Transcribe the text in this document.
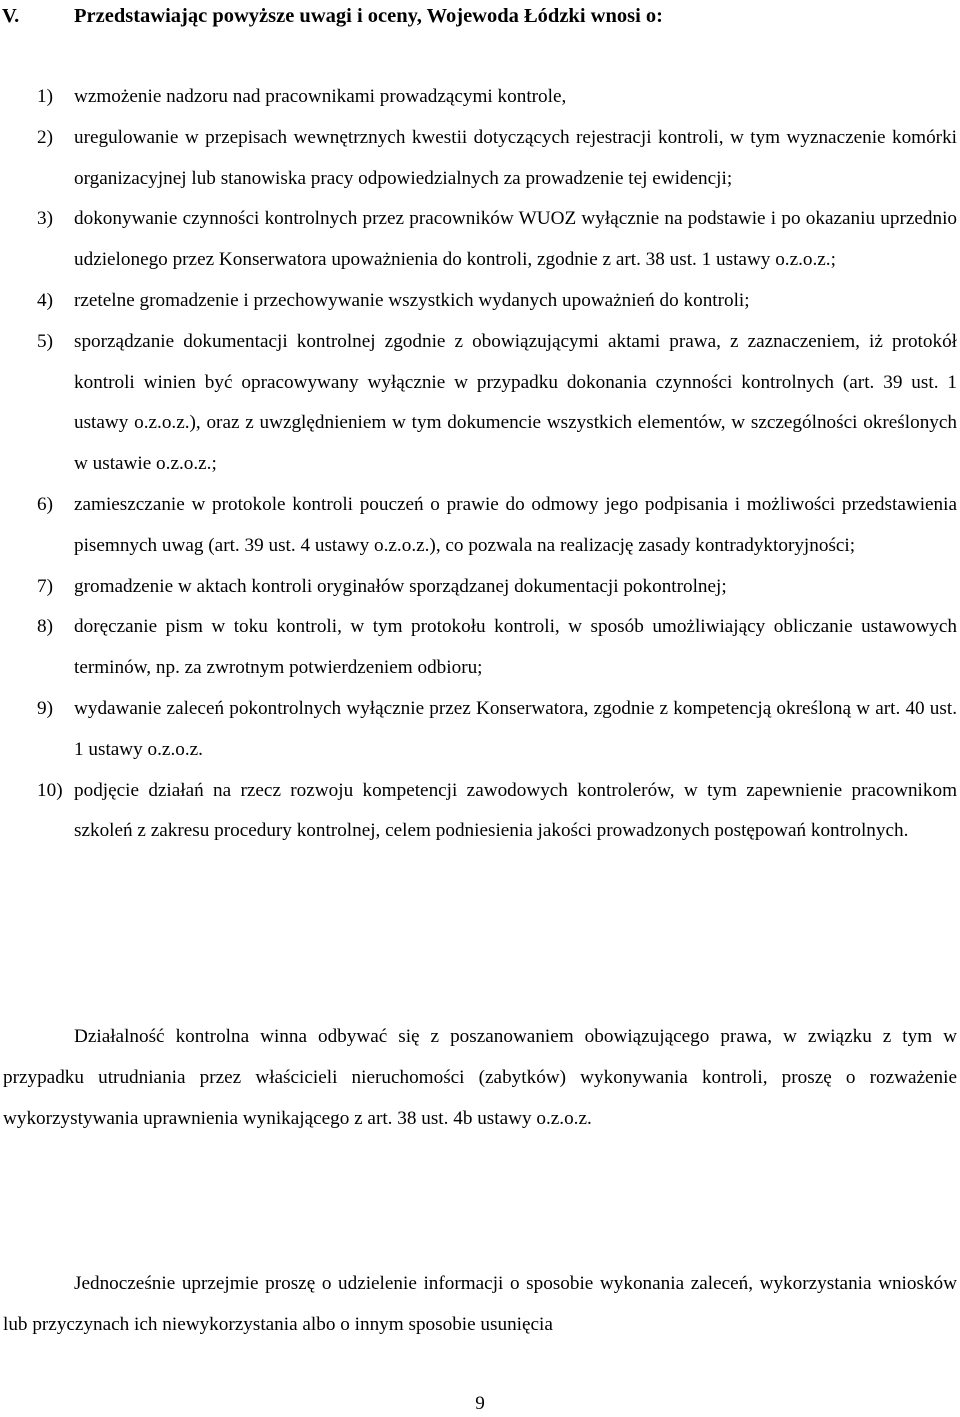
V.	Przedstawiając powyższe uwagi i oceny, Wojewoda Łódzki wnosi o:
1) wzmożenie nadzoru nad pracownikami prowadzącymi kontrole,
2) uregulowanie w przepisach wewnętrznych kwestii dotyczących rejestracji kontroli, w tym wyznaczenie komórki organizacyjnej lub stanowiska pracy odpowiedzialnych za prowadzenie tej ewidencji;
3) dokonywanie czynności kontrolnych przez pracowników WUOZ wyłącznie na podstawie i po okazaniu uprzednio udzielonego przez Konserwatora upoważnienia do kontroli, zgodnie z art. 38 ust. 1 ustawy o.z.o.z.;
4) rzetelne gromadzenie i przechowywanie wszystkich wydanych upoważnień do kontroli;
5) sporządzanie dokumentacji kontrolnej zgodnie z obowiązującymi aktami prawa, z zaznaczeniem, iż protokół kontroli winien być opracowywany wyłącznie w przypadku dokonania czynności kontrolnych (art. 39 ust. 1 ustawy o.z.o.z.), oraz z uwzględnieniem w tym dokumencie wszystkich elementów, w szczególności określonych w ustawie o.z.o.z.;
6) zamieszczanie w protokole kontroli pouczeń o prawie do odmowy jego podpisania i możliwości przedstawienia pisemnych uwag (art. 39 ust. 4 ustawy o.z.o.z.), co pozwala na realizację zasady kontradyktoryjności;
7) gromadzenie w aktach kontroli oryginałów sporządzanej dokumentacji pokontrolnej;
8) doręczanie pism w toku kontroli, w tym protokołu kontroli, w sposób umożliwiający obliczanie ustawowych terminów, np. za zwrotnym potwierdzeniem odbioru;
9) wydawanie zaleceń pokontrolnych wyłącznie przez Konserwatora, zgodnie z kompetencją określoną w art. 40 ust. 1 ustawy o.z.o.z.
10) podjęcie działań na rzecz rozwoju kompetencji zawodowych kontrolerów, w tym zapewnienie pracownikom szkoleń z zakresu procedury kontrolnej, celem podniesienia jakości prowadzonych postępowań kontrolnych.

Działalność kontrolna winna odbywać się z poszanowaniem obowiązującego prawa, w związku z tym w przypadku utrudniania przez właścicieli nieruchomości (zabytków) wykonywania kontroli, proszę o rozważenie wykorzystywania uprawnienia wynikającego z art. 38 ust. 4b ustawy o.z.o.z.

Jednocześnie uprzejmie proszę o udzielenie informacji o sposobie wykonania zaleceń, wykorzystania wniosków lub przyczynach ich niewykorzystania albo o innym sposobie usunięcia

9
